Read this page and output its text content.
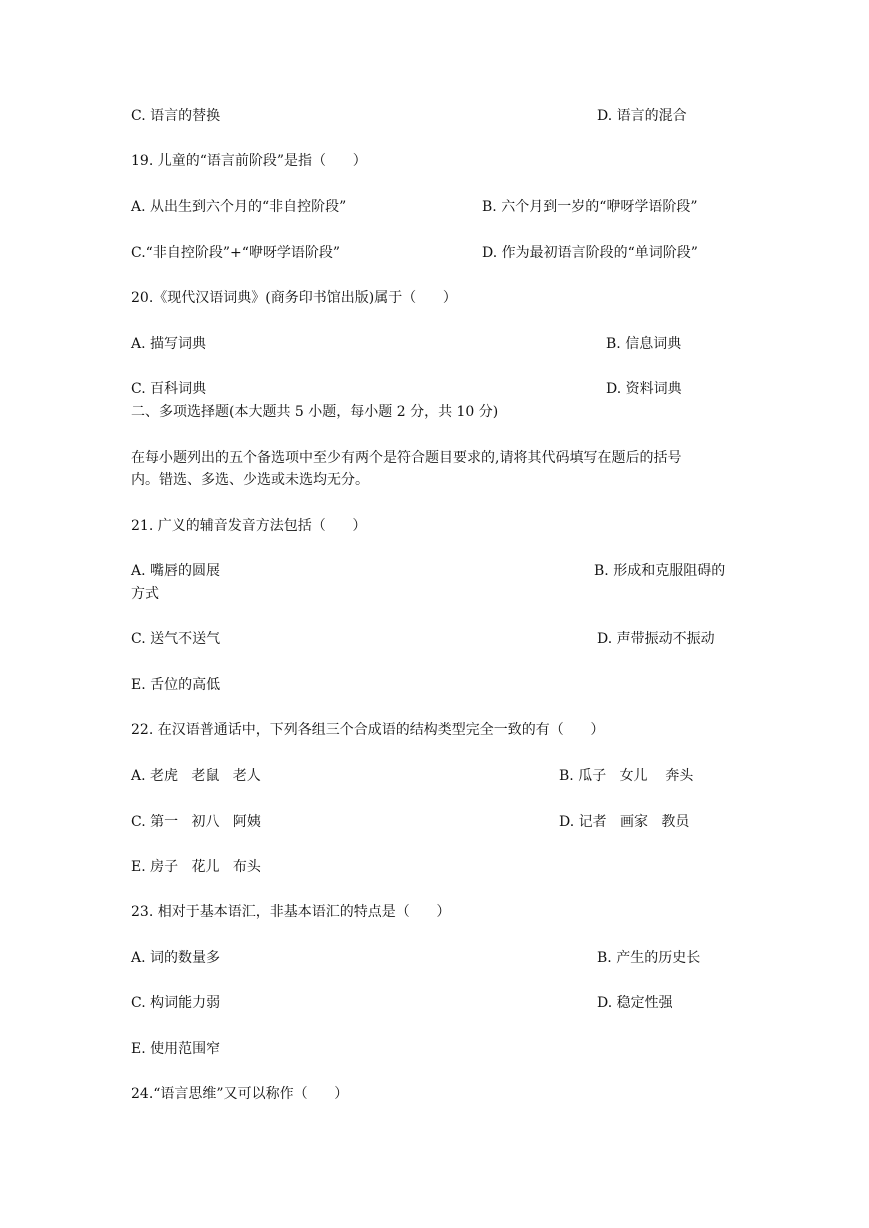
C. 语言的替换	D. 语言的混合
19. 儿童的“语言前阶段”是指（      ）
A. 从出生到六个月的“非自控阶段”	B. 六个月到一岁的“咿呀学语阶段”
C.“非自控阶段”+“咿呀学语阶段”	D. 作为最初语言阶段的“单词阶段”
20.《现代汉语词典》(商务印书馆出版)属于（      ）
A. 描写词典	B. 信息词典
C. 百科词典	D. 资料词典
二、多项选择题(本大题共 5 小题，每小题 2 分，共 10 分)
在每小题列出的五个备选项中至少有两个是符合题目要求的,请将其代码填写在题后的括号
内。错选、多选、少选或未选均无分。
21. 广义的辅音发音方法包括（      ）
A. 嘴唇的圆展	B. 形成和克服阻碍的
方式
C. 送气不送气	D. 声带振动不振动
E. 舌位的高低
22. 在汉语普通话中，下列各组三个合成语的结构类型完全一致的有（      ）
A. 老虎   老鼠   老人	B. 瓜子   女儿    奔头
C. 第一   初八   阿姨	D. 记者   画家   教员
E. 房子   花儿   布头
23. 相对于基本语汇，非基本语汇的特点是（      ）
A. 词的数量多	B. 产生的历史长
C. 构词能力弱	D. 稳定性强
E. 使用范围窄
24.“语言思维”又可以称作（      ）
